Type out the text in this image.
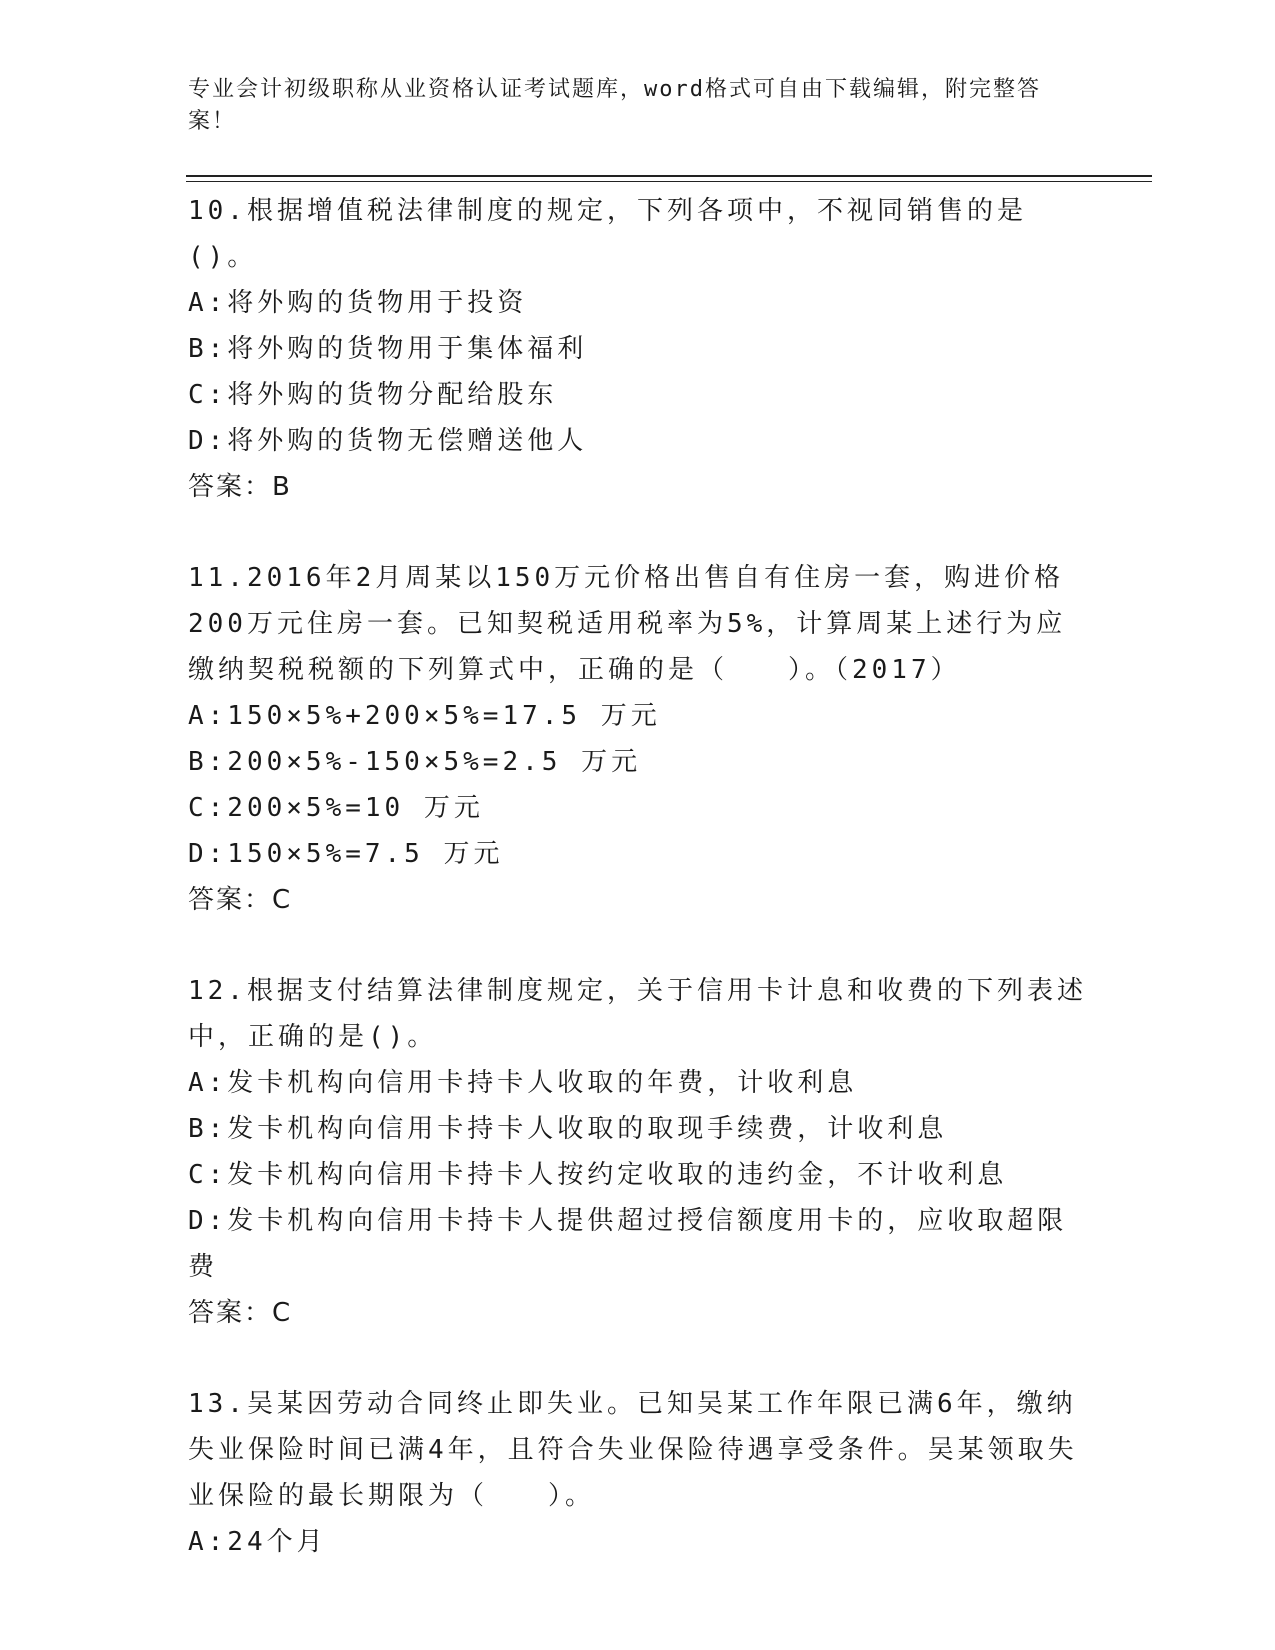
专业会计初级职称从业资格认证考试题库，word格式可自由下载编辑，附完整答案！

10.根据增值税法律制度的规定，下列各项中，不视同销售的是()。

A:将外购的货物用于投资

B:将外购的货物用于集体福利

C:将外购的货物分配给股东

D:将外购的货物无偿赠送他人

答案：B

11.2016年2月周某以150万元价格出售自有住房一套，购进价格200万元住房一套。已知契税适用税率为5%，计算周某上述行为应缴纳契税税额的下列算式中，正确的是（　　）。（2017）

A:150×5%+200×5%=17.5 万元

B:200×5%-150×5%=2.5 万元

C:200×5%=10 万元

D:150×5%=7.5 万元

答案：C

12.根据支付结算法律制度规定，关于信用卡计息和收费的下列表述中，正确的是()。

A:发卡机构向信用卡持卡人收取的年费，计收利息

B:发卡机构向信用卡持卡人收取的取现手续费，计收利息

C:发卡机构向信用卡持卡人按约定收取的违约金，不计收利息

D:发卡机构向信用卡持卡人提供超过授信额度用卡的，应收取超限费

答案：C

13.吴某因劳动合同终止即失业。已知吴某工作年限已满6年，缴纳失业保险时间已满4年，且符合失业保险待遇享受条件。吴某领取失业保险的最长期限为（　　）。

A:24个月
